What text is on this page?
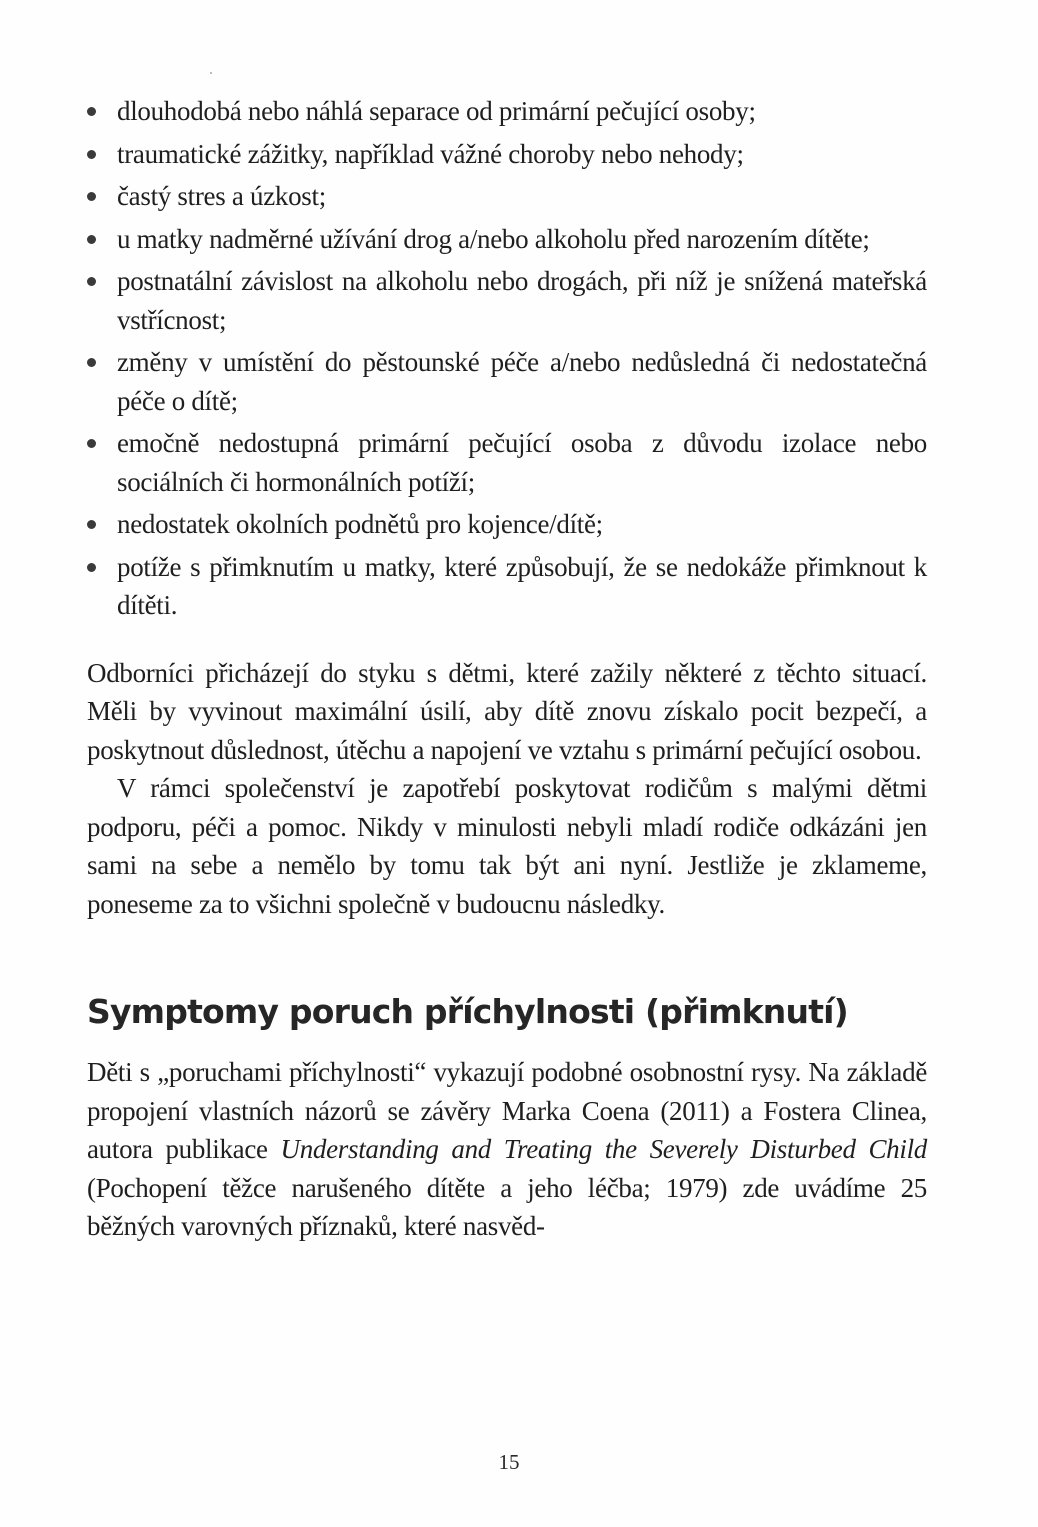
dlouhodobá nebo náhlá separace od primární pečující osoby;
traumatické zážitky, například vážné choroby nebo nehody;
častý stres a úzkost;
u matky nadměrné užívání drog a/nebo alkoholu před narozením dítěte;
postnatální závislost na alkoholu nebo drogách, při níž je snížená mateřská vstřícnost;
změny v umístění do pěstounské péče a/nebo nedůsledná či nedostatečná péče o dítě;
emočně nedostupná primární pečující osoba z důvodu izolace nebo sociálních či hormonálních potíží;
nedostatek okolních podnětů pro kojence/dítě;
potíže s přimknutím u matky, které způsobují, že se nedokáže přimknout k dítěti.

Odborníci přicházejí do styku s dětmi, které zažily některé z těchto situací. Měli by vyvinout maximální úsilí, aby dítě znovu získalo pocit bezpečí, a poskytnout důslednost, útěchu a napojení ve vztahu s primární pečující osobou.

V rámci společenství je zapotřebí poskytovat rodičům s malými dětmi podporu, péči a pomoc. Nikdy v minulosti nebyli mladí rodiče odkázáni jen sami na sebe a nemělo by tomu tak být ani nyní. Jestliže je zklameme, poneseme za to všichni společně v budoucnu následky.

Symptomy poruch příchylnosti (přimknutí)

Děti s „poruchami příchylnosti“ vykazují podobné osobnostní rysy. Na základě propojení vlastních názorů se závěry Marka Coena (2011) a Fostera Clinea, autora publikace Understanding and Treating the Severely Disturbed Child (Pochopení těžce narušeného dítěte a jeho léčba; 1979) zde uvádíme 25 běžných varovných příznaků, které nasvěd-

15
